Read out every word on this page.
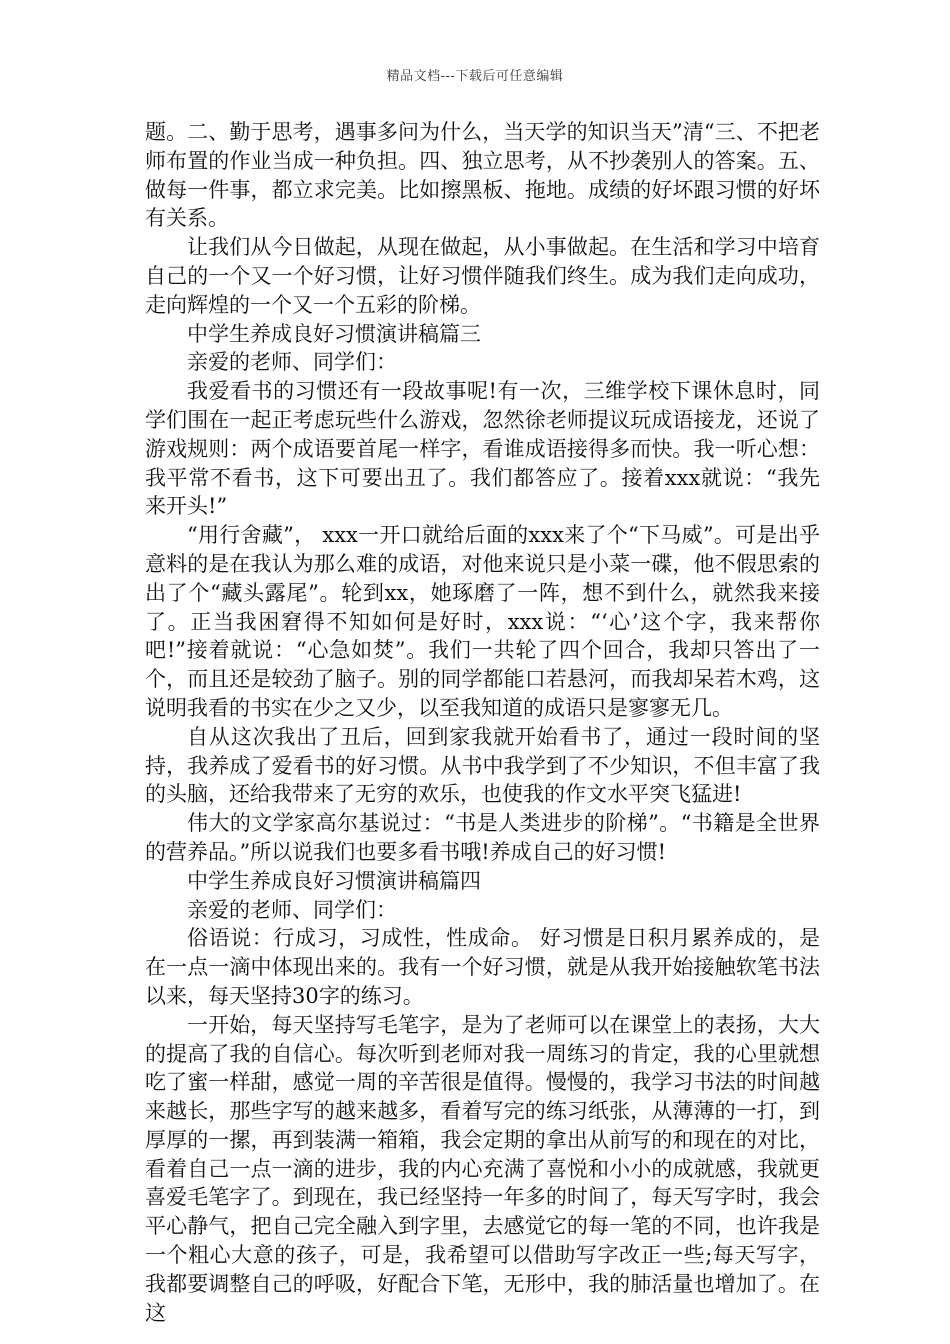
精品文档---下载后可任意编辑

题。二、勤于思考，遇事多问为什么，当天学的知识当天”清“三、不把老师布置的作业当成一种负担。四、独立思考，从不抄袭别人的答案。五、做每一件事，都立求完美。比如擦黑板、拖地。成绩的好坏跟习惯的好坏有关系。

让我们从今日做起，从现在做起，从小事做起。在生活和学习中培育自己的一个又一个好习惯，让好习惯伴随我们终生。成为我们走向成功，走向辉煌的一个又一个五彩的阶梯。

中学生养成良好习惯演讲稿篇三

亲爱的老师、同学们：

我爱看书的习惯还有一段故事呢!有一次，三维学校下课休息时，同学们围在一起正考虑玩些什么游戏，忽然徐老师提议玩成语接龙，还说了游戏规则：两个成语要首尾一样字，看谁成语接得多而快。我一听心想：我平常不看书，这下可要出丑了。我们都答应了。接着xxx就说：“我先来开头!”

“用行舍藏”， xxx一开口就给后面的xxx来了个“下马威”。可是出乎意料的是在我认为那么难的成语，对他来说只是小菜一碟，他不假思索的出了个“藏头露尾”。轮到xx，她琢磨了一阵，想不到什么，就然我来接了。正当我困窘得不知如何是好时，xxx说：“‘心’这个字，我来帮你吧!”接着就说：“心急如焚”。我们一共轮了四个回合，我却只答出了一个，而且还是较劲了脑子。别的同学都能口若悬河，而我却呆若木鸡，这说明我看的书实在少之又少，以至我知道的成语只是寥寥无几。

自从这次我出了丑后，回到家我就开始看书了，通过一段时间的坚持，我养成了爱看书的好习惯。从书中我学到了不少知识，不但丰富了我的头脑，还给我带来了无穷的欢乐，也使我的作文水平突飞猛进!

伟大的文学家高尔基说过：“书是人类进步的阶梯”。“书籍是全世界的营养品。”所以说我们也要多看书哦!养成自己的好习惯!

中学生养成良好习惯演讲稿篇四

亲爱的老师、同学们：

俗语说：行成习，习成性，性成命。 好习惯是日积月累养成的，是在一点一滴中体现出来的。我有一个好习惯，就是从我开始接触软笔书法以来，每天坚持30字的练习。

一开始，每天坚持写毛笔字，是为了老师可以在课堂上的表扬，大大的提高了我的自信心。每次听到老师对我一周练习的肯定，我的心里就想吃了蜜一样甜，感觉一周的辛苦很是值得。慢慢的，我学习书法的时间越来越长，那些字写的越来越多，看着写完的练习纸张，从薄薄的一打，到厚厚的一摞，再到装满一箱箱，我会定期的拿出从前写的和现在的对比，看着自己一点一滴的进步，我的内心充满了喜悦和小小的成就感，我就更喜爱毛笔字了。到现在，我已经坚持一年多的时间了，每天写字时，我会平心静气，把自己完全融入到字里，去感觉它的每一笔的不同，也许我是一个粗心大意的孩子，可是，我希望可以借助写字改正一些;每天写字，我都要调整自己的呼吸，好配合下笔，无形中，我的肺活量也增加了。在这
